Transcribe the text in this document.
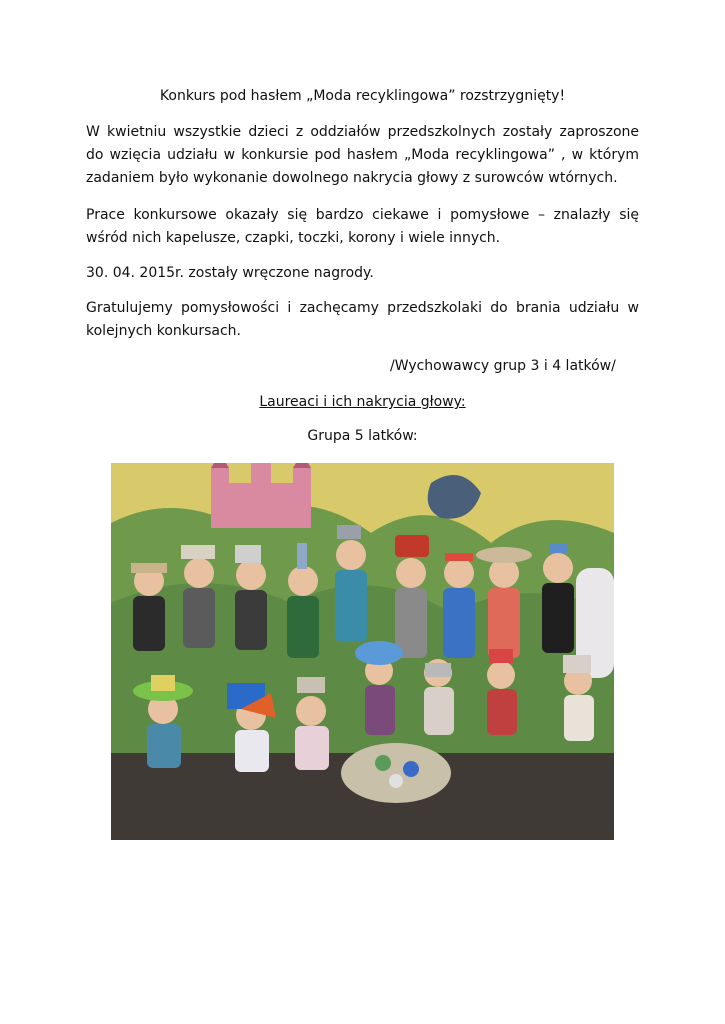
Konkurs pod hasłem „Moda recyklingowa” rozstrzygnięty!

W kwietniu wszystkie dzieci z oddziałów przedszkolnych zostały zaproszone do wzięcia udziału w konkursie pod hasłem „Moda recyklingowa” , w którym zadaniem było wykonanie dowolnego nakrycia głowy z surowców wtórnych.

Prace konkursowe okazały się bardzo ciekawe i pomysłowe – znalazły się wśród nich kapelusze, czapki, toczki, korony i wiele innych.

30. 04. 2015r. zostały wręczone nagrody.

Gratulujemy pomysłowości i zachęcamy przedszkolaki do brania udziału w kolejnych konkursach.

/Wychowawcy grup 3 i 4 latków/
Laureaci i ich nakrycia głowy:
Grupa 5 latków:
